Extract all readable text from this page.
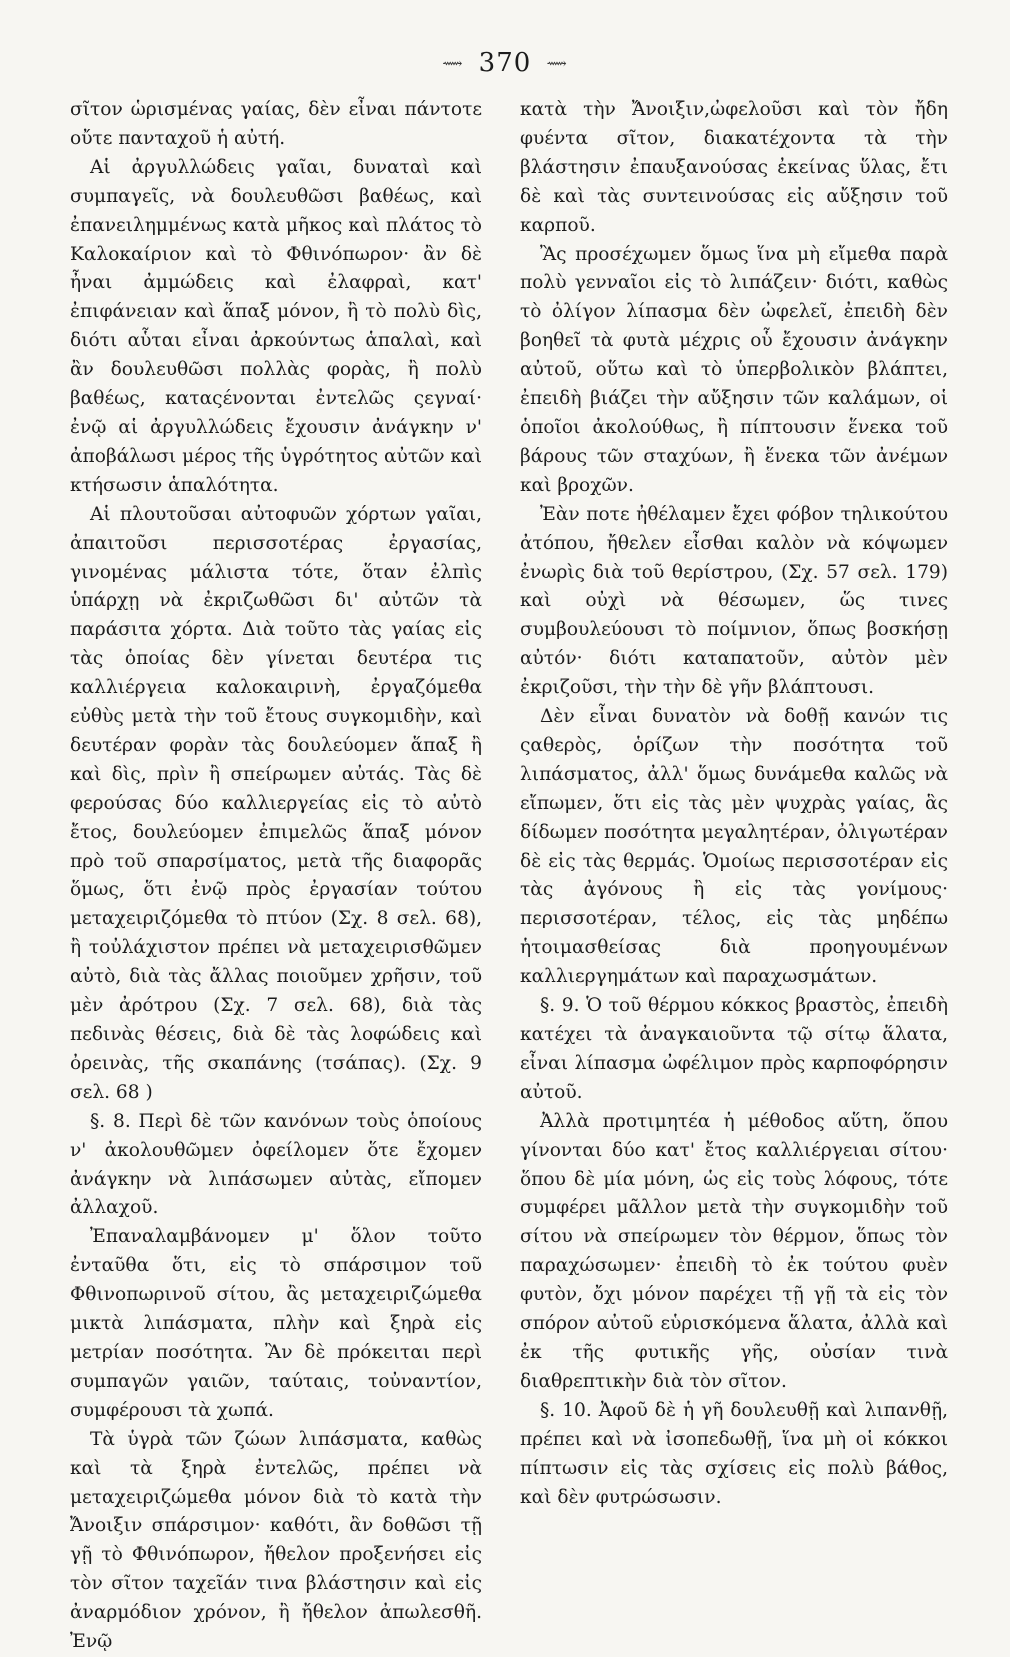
⟿ 370 ⟿

σῖτον ὡρισμένας γαίας, δὲν εἶναι πάντοτε οὔτε πανταχοῦ ἡ αὐτή.

Αἱ ἀργυλλώδεις γαῖαι, δυναταὶ καὶ συμπαγεῖς, νὰ δουλευθῶσι βαθέως, καὶ ἐπανειλημμένως κατὰ μῆκος καὶ πλάτος τὸ Καλοκαίριον καὶ τὸ Φθινόπωρον· ἂν δὲ ἦναι ἀμμώδεις καὶ ἐλαφραὶ, κατ' ἐπιφάνειαν καὶ ἅπαξ μόνον, ἢ τὸ πολὺ δὶς, διότι αὗται εἶναι ἀρκούντως ἁπαλαὶ, καὶ ἂν δουλευθῶσι πολλὰς φορὰς, ἢ πολὺ βαθέως, καταςένονται ἐντελῶς ςεγναί· ἐνῷ αἱ ἀργυλλώδεις ἔχουσιν ἀνάγκην ν' ἀποβάλωσι μέρος τῆς ὑγρότητος αὐτῶν καὶ κτήσωσιν ἁπαλότητα.

Αἱ πλουτοῦσαι αὐτοφυῶν χόρτων γαῖαι, ἀπαιτοῦσι περισσοτέρας ἐργασίας, γινομένας μάλιστα τότε, ὅταν ἐλπὶς ὑπάρχῃ νὰ ἐκριζωθῶσι δι' αὐτῶν τὰ παράσιτα χόρτα. Διὰ τοῦτο τὰς γαίας εἰς τὰς ὁποίας δὲν γίνεται δευτέρα τις καλλιέργεια καλοκαιρινὴ, ἐργαζόμεθα εὐθὺς μετὰ τὴν τοῦ ἔτους συγκομιδὴν, καὶ δευτέραν φορὰν τὰς δουλεύομεν ἅπαξ ἢ καὶ δὶς, πρὶν ἢ σπείρωμεν αὐτάς. Τὰς δὲ φερούσας δύο καλλιεργείας εἰς τὸ αὐτὸ ἔτος, δουλεύομεν ἐπιμελῶς ἅπαξ μόνον πρὸ τοῦ σπαρσίματος, μετὰ τῆς διαφορᾶς ὅμως, ὅτι ἐνῷ πρὸς ἐργασίαν τούτου μεταχειριζόμεθα τὸ πτύον (Σχ. 8 σελ. 68), ἢ τοὐλάχιστον πρέπει νὰ μεταχειρισθῶμεν αὐτὸ, διὰ τὰς ἄλλας ποιοῦμεν χρῆσιν, τοῦ μὲν ἀρότρου (Σχ. 7 σελ. 68), διὰ τὰς πεδινὰς θέσεις, διὰ δὲ τὰς λοφώδεις καὶ ὀρεινὰς, τῆς σκαπάνης (τσάπας). (Σχ. 9 σελ. 68 )

§. 8. Περὶ δὲ τῶν κανόνων τοὺς ὁποίους ν' ἀκολουθῶμεν ὀφείλομεν ὅτε ἔχομεν ἀνάγκην νὰ λιπάσωμεν αὐτὰς, εἴπομεν ἀλλαχοῦ.

Ἐπαναλαμβάνομεν μ' ὅλον τοῦτο ἐνταῦθα ὅτι, εἰς τὸ σπάρσιμον τοῦ Φθινοπωρινοῦ σίτου, ἂς μεταχειριζώμεθα μικτὰ λιπάσματα, πλὴν καὶ ξηρὰ εἰς μετρίαν ποσότητα. Ἂν δὲ πρόκειται περὶ συμπαγῶν γαιῶν, ταύταις, τοὐναντίον, συμφέρουσι τὰ χωπά.

Τὰ ὑγρὰ τῶν ζώων λιπάσματα, καθὼς καὶ τὰ ξηρὰ ἐντελῶς, πρέπει νὰ μεταχειριζώμεθα μόνον διὰ τὸ κατὰ τὴν Ἄνοιξιν σπάρσιμον· καθότι, ἂν δοθῶσι τῇ γῇ τὸ Φθινόπωρον, ἤθελον προξενήσει εἰς τὸν σῖτον ταχεῖάν τινα βλάστησιν καὶ εἰς ἀναρμόδιον χρόνον, ἢ ἤθελον ἀπωλεσθῆ. Ἐνῷ

κατὰ τὴν Ἄνοιξιν,ὠφελοῦσι καὶ τὸν ἤδη φυέντα σῖτον, διακατέχοντα τὰ τὴν βλάστησιν ἐπαυξανούσας ἐκείνας ὕλας, ἔτι δὲ καὶ τὰς συντεινούσας εἰς αὔξησιν τοῦ καρποῦ.

Ἂς προσέχωμεν ὅμως ἵνα μὴ εἴμεθα παρὰ πολὺ γενναῖοι εἰς τὸ λιπάζειν· διότι, καθὼς τὸ ὀλίγον λίπασμα δὲν ὠφελεῖ, ἐπειδὴ δὲν βοηθεῖ τὰ φυτὰ μέχρις οὗ ἔχουσιν ἀνάγκην αὐτοῦ, οὕτω καὶ τὸ ὑπερβολικὸν βλάπτει, ἐπειδὴ βιάζει τὴν αὔξησιν τῶν καλάμων, οἱ ὁποῖοι ἀκολούθως, ἢ πίπτουσιν ἕνεκα τοῦ βάρους τῶν σταχύων, ἢ ἕνεκα τῶν ἀνέμων καὶ βροχῶν.

Ἐὰν ποτε ἠθέλαμεν ἔχει φόβον τηλικούτου ἀτόπου, ἤθελεν εἶσθαι καλὸν νὰ κόψωμεν ἐνωρὶς διὰ τοῦ θερίστρου, (Σχ. 57 σελ. 179) καὶ οὐχὶ νὰ θέσωμεν, ὥς τινες συμβουλεύουσι τὸ ποίμνιον, ὅπως βοσκήσῃ αὐτόν· διότι καταπατοῦν, αὐτὸν μὲν ἐκριζοῦσι, τὴν τὴν δὲ γῆν βλάπτουσι.

Δὲν εἶναι δυνατὸν νὰ δοθῇ κανών τις ςαθερὸς, ὁρίζων τὴν ποσότητα τοῦ λιπάσματος, ἀλλ' ὅμως δυνάμεθα καλῶς νὰ εἴπωμεν, ὅτι εἰς τὰς μὲν ψυχρὰς γαίας, ἃς δίδωμεν ποσότητα μεγαλητέραν, ὀλιγωτέραν δὲ εἰς τὰς θερμάς. Ὁμοίως περισσοτέραν εἰς τὰς ἀγόνους ἢ εἰς τὰς γονίμους· περισσοτέραν, τέλος, εἰς τὰς μηδέπω ἡτοιμασθείσας διὰ προηγουμένων καλλιεργημάτων καὶ παραχωσμάτων.

§. 9. Ὁ τοῦ θέρμου κόκκος βραστὸς, ἐπειδὴ κατέχει τὰ ἀναγκαιοῦντα τῷ σίτῳ ἅλατα, εἶναι λίπασμα ὠφέλιμον πρὸς καρποφόρησιν αὐτοῦ.

Ἀλλὰ προτιμητέα ἡ μέθοδος αὕτη, ὅπου γίνονται δύο κατ' ἔτος καλλιέργειαι σίτου· ὅπου δὲ μία μόνη, ὡς εἰς τοὺς λόφους, τότε συμφέρει μᾶλλον μετὰ τὴν συγκομιδὴν τοῦ σίτου νὰ σπείρωμεν τὸν θέρμον, ὅπως τὸν παραχώσωμεν· ἐπειδὴ τὸ ἐκ τούτου φυὲν φυτὸν, ὄχι μόνον παρέχει τῇ γῇ τὰ εἰς τὸν σπόρον αὐτοῦ εὑρισκόμενα ἅλατα, ἀλλὰ καὶ ἐκ τῆς φυτικῆς γῆς, οὐσίαν τινὰ διαθρεπτικὴν διὰ τὸν σῖτον.

§. 10. Ἀφοῦ δὲ ἡ γῆ δουλευθῇ καὶ λιπανθῇ, πρέπει καὶ νὰ ἰσοπεδωθῇ, ἵνα μὴ οἱ κόκκοι πίπτωσιν εἰς τὰς σχίσεις εἰς πολὺ βάθος, καὶ δὲν φυτρώσωσιν.
